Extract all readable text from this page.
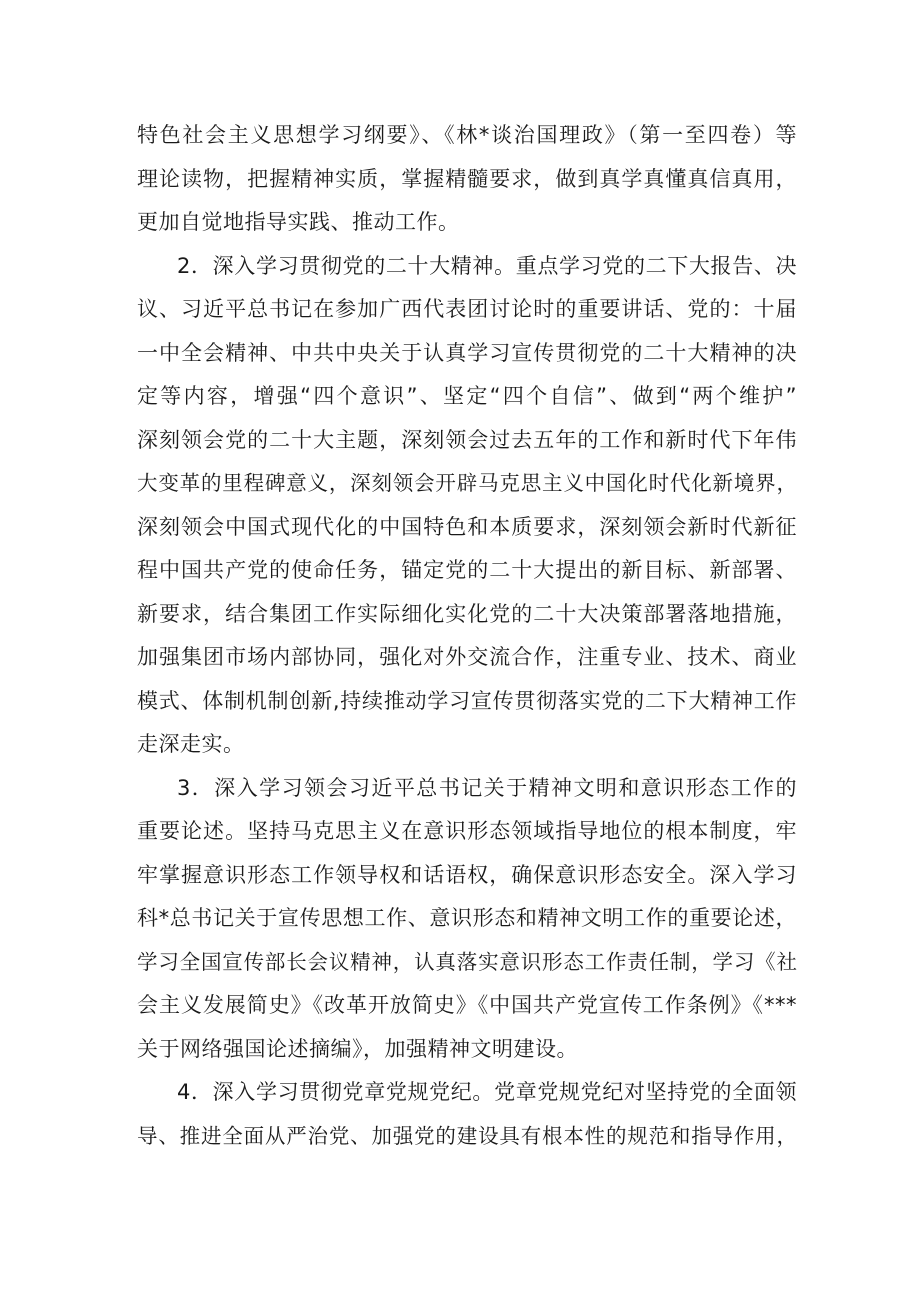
特色社会主义思想学习纲要》、《林*谈治国理政》（第一至四卷）等
理论读物，把握精神实质，掌握精髓要求，做到真学真懂真信真用，
更加自觉地指导实践、推动工作。
2．深入学习贯彻党的二十大精神。重点学习党的二下大报告、决
议、习近平总书记在参加广西代表团讨论时的重要讲话、党的：十届
一中全会精神、中共中央关于认真学习宣传贯彻党的二十大精神的决
定等内容，增强“四个意识”、坚定“四个自信”、做到“两个维护”
深刻领会党的二十大主题，深刻领会过去五年的工作和新时代下年伟
大变革的里程碑意义，深刻领会开辟马克思主义中国化时代化新境界，
深刻领会中国式现代化的中国特色和本质要求，深刻领会新时代新征
程中国共产党的使命任务，锚定党的二十大提出的新目标、新部署、
新要求，结合集团工作实际细化实化党的二十大决策部署落地措施，
加强集团市场内部协同，强化对外交流合作，注重专业、技术、商业
模式、体制机制创新,持续推动学习宣传贯彻落实党的二下大精神工作
走深走实。
3．深入学习领会习近平总书记关于精神文明和意识形态工作的
重要论述。坚持马克思主义在意识形态领域指导地位的根本制度，牢
牢掌握意识形态工作领导权和话语权，确保意识形态安全。深入学习
科*总书记关于宣传思想工作、意识形态和精神文明工作的重要论述，
学习全国宣传部长会议精神，认真落实意识形态工作责任制，学习《社
会主义发展简史》《改革开放简史》《中国共产党宣传工作条例》《***
关于网络强国论述摘编》，加强精神文明建设。
4．深入学习贯彻党章党规党纪。党章党规党纪对坚持党的全面领
导、推进全面从严治党、加强党的建设具有根本性的规范和指导作用，
